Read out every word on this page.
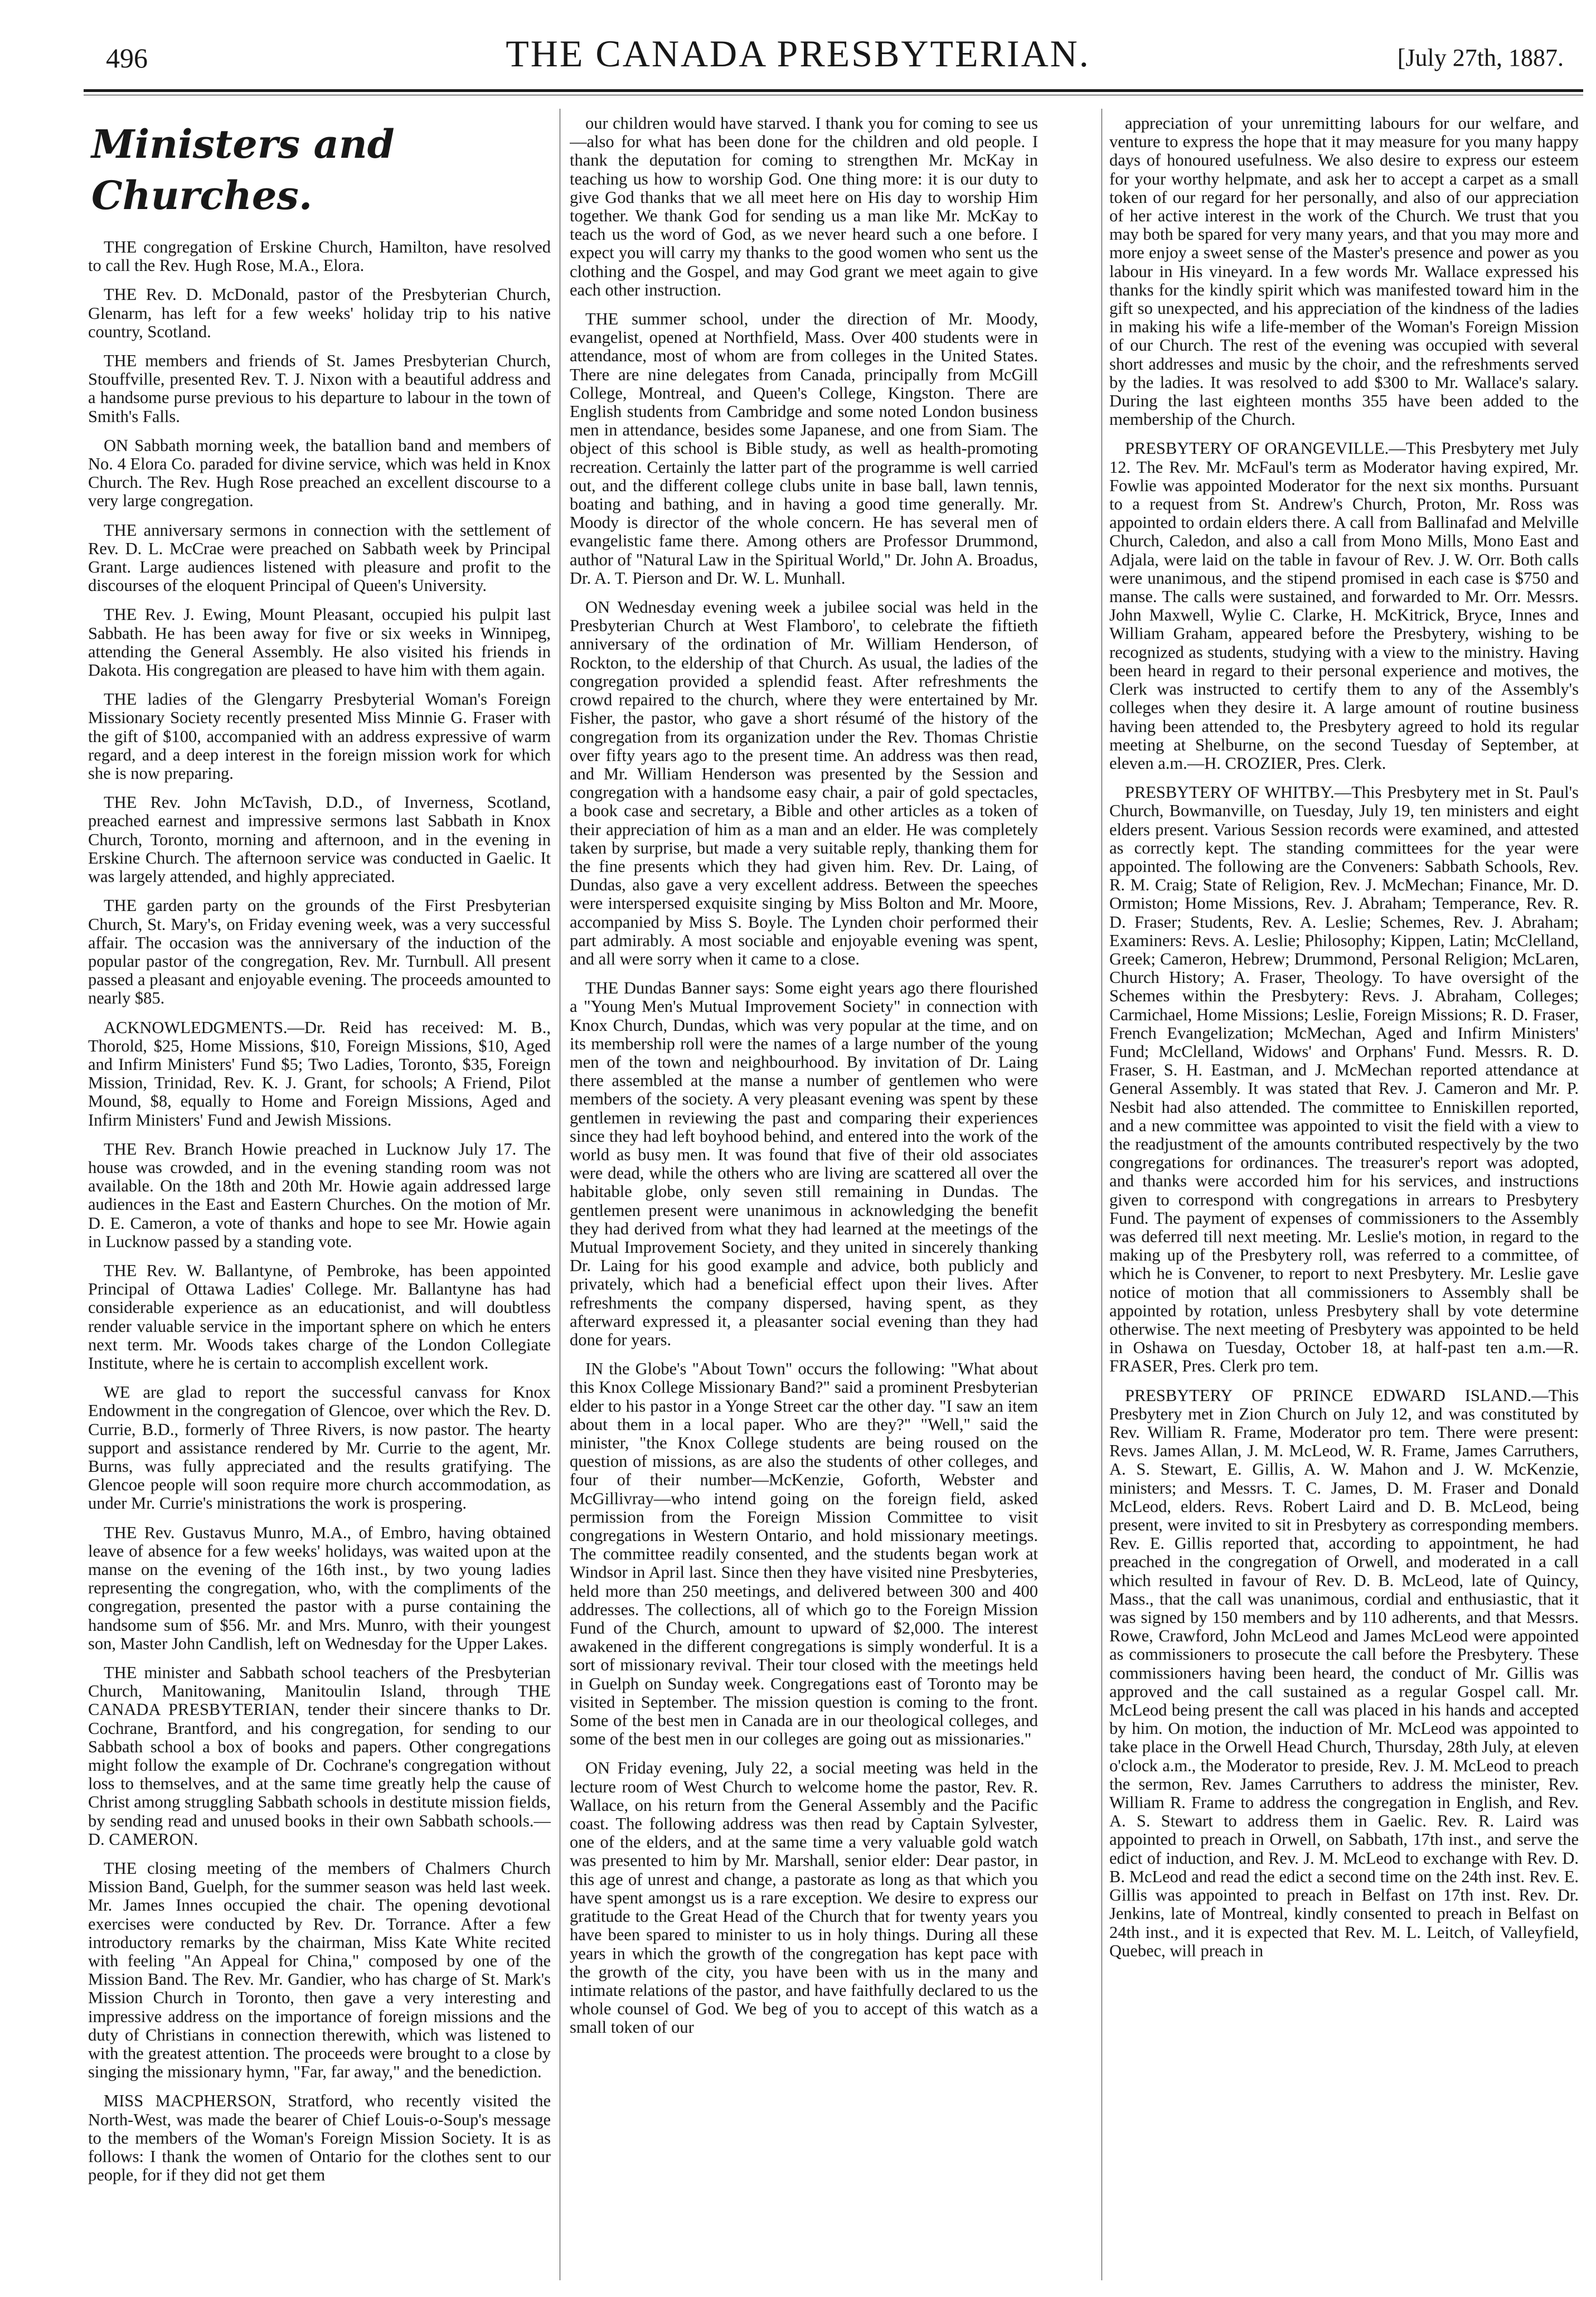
496	THE CANADA PRESBYTERIAN.	[July 27th, 1887.
Ministers and Churches.

THE congregation of Erskine Church, Hamilton, have resolved to call the Rev. Hugh Rose, M.A., Elora.

THE Rev. D. McDonald, pastor of the Presbyterian Church, Glenarm, has left for a few weeks' holiday trip to his native country, Scotland.

THE members and friends of St. James Presbyterian Church, Stouffville, presented Rev. T. J. Nixon with a beautiful address and a handsome purse previous to his departure to labour in the town of Smith's Falls.

ON Sabbath morning week, the batallion band and members of No. 4 Elora Co. paraded for divine service, which was held in Knox Church. The Rev. Hugh Rose preached an excellent discourse to a very large congregation.

THE anniversary sermons in connection with the settlement of Rev. D. L. McCrae were preached on Sabbath week by Principal Grant. Large audiences listened with pleasure and profit to the discourses of the eloquent Principal of Queen's University.

THE Rev. J. Ewing, Mount Pleasant, occupied his pulpit last Sabbath. He has been away for five or six weeks in Winnipeg, attending the General Assembly. He also visited his friends in Dakota. His congregation are pleased to have him with them again.

THE ladies of the Glengarry Presbyterial Woman's Foreign Missionary Society recently presented Miss Minnie G. Fraser with the gift of $100, accompanied with an address expressive of warm regard, and a deep interest in the foreign mission work for which she is now preparing.

THE Rev. John McTavish, D.D., of Inverness, Scotland, preached earnest and impressive sermons last Sabbath in Knox Church, Toronto, morning and afternoon, and in the evening in Erskine Church. The afternoon service was conducted in Gaelic. It was largely attended, and highly appreciated.

THE garden party on the grounds of the First Presbyterian Church, St. Mary's, on Friday evening week, was a very successful affair. The occasion was the anniversary of the induction of the popular pastor of the congregation, Rev. Mr. Turnbull. All present passed a pleasant and enjoyable evening. The proceeds amounted to nearly $85.

ACKNOWLEDGMENTS.—Dr. Reid has received: M. B., Thorold, $25, Home Missions, $10, Foreign Missions, $10, Aged and Infirm Ministers' Fund $5; Two Ladies, Toronto, $35, Foreign Mission, Trinidad, Rev. K. J. Grant, for schools; A Friend, Pilot Mound, $8, equally to Home and Foreign Missions, Aged and Infirm Ministers' Fund and Jewish Missions.

THE Rev. Branch Howie preached in Lucknow July 17. The house was crowded, and in the evening standing room was not available. On the 18th and 20th Mr. Howie again addressed large audiences in the East and Eastern Churches. On the motion of Mr. D. E. Cameron, a vote of thanks and hope to see Mr. Howie again in Lucknow passed by a standing vote.

THE Rev. W. Ballantyne, of Pembroke, has been appointed Principal of Ottawa Ladies' College. Mr. Ballantyne has had considerable experience as an educationist, and will doubtless render valuable service in the important sphere on which he enters next term. Mr. Woods takes charge of the London Collegiate Institute, where he is certain to accomplish excellent work.

WE are glad to report the successful canvass for Knox Endowment in the congregation of Glencoe, over which the Rev. D. Currie, B.D., formerly of Three Rivers, is now pastor. The hearty support and assistance rendered by Mr. Currie to the agent, Mr. Burns, was fully appreciated and the results gratifying. The Glencoe people will soon require more church accommodation, as under Mr. Currie's ministrations the work is prospering.

THE Rev. Gustavus Munro, M.A., of Embro, having obtained leave of absence for a few weeks' holidays, was waited upon at the manse on the evening of the 16th inst., by two young ladies representing the congregation, who, with the compliments of the congregation, presented the pastor with a purse containing the handsome sum of $56. Mr. and Mrs. Munro, with their youngest son, Master John Candlish, left on Wednesday for the Upper Lakes.

THE minister and Sabbath school teachers of the Presbyterian Church, Manitowaning, Manitoulin Island, through THE CANADA PRESBYTERIAN, tender their sincere thanks to Dr. Cochrane, Brantford, and his congregation, for sending to our Sabbath school a box of books and papers. Other congregations might follow the example of Dr. Cochrane's congregation without loss to themselves, and at the same time greatly help the cause of Christ among struggling Sabbath schools in destitute mission fields, by sending read and unused books in their own Sabbath schools.—D. CAMERON.

THE closing meeting of the members of Chalmers Church Mission Band, Guelph, for the summer season was held last week. Mr. James Innes occupied the chair. The opening devotional exercises were conducted by Rev. Dr. Torrance. After a few introductory remarks by the chairman, Miss Kate White recited with feeling "An Appeal for China," composed by one of the Mission Band. The Rev. Mr. Gandier, who has charge of St. Mark's Mission Church in Toronto, then gave a very interesting and impressive address on the importance of foreign missions and the duty of Christians in connection therewith, which was listened to with the greatest attention. The proceeds were brought to a close by singing the missionary hymn, "Far, far away," and the benediction.

MISS MACPHERSON, Stratford, who recently visited the North-West, was made the bearer of Chief Louis-o-Soup's message to the members of the Woman's Foreign Mission Society. It is as follows: I thank the women of Ontario for the clothes sent to our people, for if they did not get them

our children would have starved. I thank you for coming to see us—also for what has been done for the children and old people. I thank the deputation for coming to strengthen Mr. McKay in teaching us how to worship God. One thing more: it is our duty to give God thanks that we all meet here on His day to worship Him together. We thank God for sending us a man like Mr. McKay to teach us the word of God, as we never heard such a one before. I expect you will carry my thanks to the good women who sent us the clothing and the Gospel, and may God grant we meet again to give each other instruction.

THE summer school, under the direction of Mr. Moody, evangelist, opened at Northfield, Mass. Over 400 students were in attendance, most of whom are from colleges in the United States. There are nine delegates from Canada, principally from McGill College, Montreal, and Queen's College, Kingston. There are English students from Cambridge and some noted London business men in attendance, besides some Japanese, and one from Siam. The object of this school is Bible study, as well as health-promoting recreation. Certainly the latter part of the programme is well carried out, and the different college clubs unite in base ball, lawn tennis, boating and bathing, and in having a good time generally. Mr. Moody is director of the whole concern. He has several men of evangelistic fame there. Among others are Professor Drummond, author of "Natural Law in the Spiritual World," Dr. John A. Broadus, Dr. A. T. Pierson and Dr. W. L. Munhall.

ON Wednesday evening week a jubilee social was held in the Presbyterian Church at West Flamboro', to celebrate the fiftieth anniversary of the ordination of Mr. William Henderson, of Rockton, to the eldership of that Church. As usual, the ladies of the congregation provided a splendid feast. After refreshments the crowd repaired to the church, where they were entertained by Mr. Fisher, the pastor, who gave a short résumé of the history of the congregation from its organization under the Rev. Thomas Christie over fifty years ago to the present time. An address was then read, and Mr. William Henderson was presented by the Session and congregation with a handsome easy chair, a pair of gold spectacles, a book case and secretary, a Bible and other articles as a token of their appreciation of him as a man and an elder. He was completely taken by surprise, but made a very suitable reply, thanking them for the fine presents which they had given him. Rev. Dr. Laing, of Dundas, also gave a very excellent address. Between the speeches were interspersed exquisite singing by Miss Bolton and Mr. Moore, accompanied by Miss S. Boyle. The Lynden choir performed their part admirably. A most sociable and enjoyable evening was spent, and all were sorry when it came to a close.

THE Dundas Banner says: Some eight years ago there flourished a "Young Men's Mutual Improvement Society" in connection with Knox Church, Dundas, which was very popular at the time, and on its membership roll were the names of a large number of the young men of the town and neighbourhood. By invitation of Dr. Laing there assembled at the manse a number of gentlemen who were members of the society. A very pleasant evening was spent by these gentlemen in reviewing the past and comparing their experiences since they had left boyhood behind, and entered into the work of the world as busy men. It was found that five of their old associates were dead, while the others who are living are scattered all over the habitable globe, only seven still remaining in Dundas. The gentlemen present were unanimous in acknowledging the benefit they had derived from what they had learned at the meetings of the Mutual Improvement Society, and they united in sincerely thanking Dr. Laing for his good example and advice, both publicly and privately, which had a beneficial effect upon their lives. After refreshments the company dispersed, having spent, as they afterward expressed it, a pleasanter social evening than they had done for years.

IN the Globe's "About Town" occurs the following: "What about this Knox College Missionary Band?" said a prominent Presbyterian elder to his pastor in a Yonge Street car the other day. "I saw an item about them in a local paper. Who are they?" "Well," said the minister, "the Knox College students are being roused on the question of missions, as are also the students of other colleges, and four of their number—McKenzie, Goforth, Webster and McGillivray—who intend going on the foreign field, asked permission from the Foreign Mission Committee to visit congregations in Western Ontario, and hold missionary meetings. The committee readily consented, and the students began work at Windsor in April last. Since then they have visited nine Presbyteries, held more than 250 meetings, and delivered between 300 and 400 addresses. The collections, all of which go to the Foreign Mission Fund of the Church, amount to upward of $2,000. The interest awakened in the different congregations is simply wonderful. It is a sort of missionary revival. Their tour closed with the meetings held in Guelph on Sunday week. Congregations east of Toronto may be visited in September. The mission question is coming to the front. Some of the best men in Canada are in our theological colleges, and some of the best men in our colleges are going out as missionaries."

ON Friday evening, July 22, a social meeting was held in the lecture room of West Church to welcome home the pastor, Rev. R. Wallace, on his return from the General Assembly and the Pacific coast. The following address was then read by Captain Sylvester, one of the elders, and at the same time a very valuable gold watch was presented to him by Mr. Marshall, senior elder: Dear pastor, in this age of unrest and change, a pastorate as long as that which you have spent amongst us is a rare exception. We desire to express our gratitude to the Great Head of the Church that for twenty years you have been spared to minister to us in holy things. During all these years in which the growth of the congregation has kept pace with the growth of the city, you have been with us in the many and intimate relations of the pastor, and have faithfully declared to us the whole counsel of God. We beg of you to accept of this watch as a small token of our

appreciation of your unremitting labours for our welfare, and venture to express the hope that it may measure for you many happy days of honoured usefulness. We also desire to express our esteem for your worthy helpmate, and ask her to accept a carpet as a small token of our regard for her personally, and also of our appreciation of her active interest in the work of the Church. We trust that you may both be spared for very many years, and that you may more and more enjoy a sweet sense of the Master's presence and power as you labour in His vineyard. In a few words Mr. Wallace expressed his thanks for the kindly spirit which was manifested toward him in the gift so unexpected, and his appreciation of the kindness of the ladies in making his wife a life-member of the Woman's Foreign Mission of our Church. The rest of the evening was occupied with several short addresses and music by the choir, and the refreshments served by the ladies. It was resolved to add $300 to Mr. Wallace's salary. During the last eighteen months 355 have been added to the membership of the Church.

PRESBYTERY OF ORANGEVILLE.—This Presbytery met July 12. The Rev. Mr. McFaul's term as Moderator having expired, Mr. Fowlie was appointed Moderator for the next six months. Pursuant to a request from St. Andrew's Church, Proton, Mr. Ross was appointed to ordain elders there. A call from Ballinafad and Melville Church, Caledon, and also a call from Mono Mills, Mono East and Adjala, were laid on the table in favour of Rev. J. W. Orr. Both calls were unanimous, and the stipend promised in each case is $750 and manse. The calls were sustained, and forwarded to Mr. Orr. Messrs. John Maxwell, Wylie C. Clarke, H. McKitrick, Bryce, Innes and William Graham, appeared before the Presbytery, wishing to be recognized as students, studying with a view to the ministry. Having been heard in regard to their personal experience and motives, the Clerk was instructed to certify them to any of the Assembly's colleges when they desire it. A large amount of routine business having been attended to, the Presbytery agreed to hold its regular meeting at Shelburne, on the second Tuesday of September, at eleven a.m.—H. CROZIER, Pres. Clerk.

PRESBYTERY OF WHITBY.—This Presbytery met in St. Paul's Church, Bowmanville, on Tuesday, July 19, ten ministers and eight elders present. Various Session records were examined, and attested as correctly kept. The standing committees for the year were appointed. The following are the Conveners: Sabbath Schools, Rev. R. M. Craig; State of Religion, Rev. J. McMechan; Finance, Mr. D. Ormiston; Home Missions, Rev. J. Abraham; Temperance, Rev. R. D. Fraser; Students, Rev. A. Leslie; Schemes, Rev. J. Abraham; Examiners: Revs. A. Leslie; Philosophy; Kippen, Latin; McClelland, Greek; Cameron, Hebrew; Drummond, Personal Religion; McLaren, Church History; A. Fraser, Theology. To have oversight of the Schemes within the Presbytery: Revs. J. Abraham, Colleges; Carmichael, Home Missions; Leslie, Foreign Missions; R. D. Fraser, French Evangelization; McMechan, Aged and Infirm Ministers' Fund; McClelland, Widows' and Orphans' Fund. Messrs. R. D. Fraser, S. H. Eastman, and J. McMechan reported attendance at General Assembly. It was stated that Rev. J. Cameron and Mr. P. Nesbit had also attended. The committee to Enniskillen reported, and a new committee was appointed to visit the field with a view to the readjustment of the amounts contributed respectively by the two congregations for ordinances. The treasurer's report was adopted, and thanks were accorded him for his services, and instructions given to correspond with congregations in arrears to Presbytery Fund. The payment of expenses of commissioners to the Assembly was deferred till next meeting. Mr. Leslie's motion, in regard to the making up of the Presbytery roll, was referred to a committee, of which he is Convener, to report to next Presbytery. Mr. Leslie gave notice of motion that all commissioners to Assembly shall be appointed by rotation, unless Presbytery shall by vote determine otherwise. The next meeting of Presbytery was appointed to be held in Oshawa on Tuesday, October 18, at half-past ten a.m.—R. FRASER, Pres. Clerk pro tem.

PRESBYTERY OF PRINCE EDWARD ISLAND.—This Presbytery met in Zion Church on July 12, and was constituted by Rev. William R. Frame, Moderator pro tem. There were present: Revs. James Allan, J. M. McLeod, W. R. Frame, James Carruthers, A. S. Stewart, E. Gillis, A. W. Mahon and J. W. McKenzie, ministers; and Messrs. T. C. James, D. M. Fraser and Donald McLeod, elders. Revs. Robert Laird and D. B. McLeod, being present, were invited to sit in Presbytery as corresponding members. Rev. E. Gillis reported that, according to appointment, he had preached in the congregation of Orwell, and moderated in a call which resulted in favour of Rev. D. B. McLeod, late of Quincy, Mass., that the call was unanimous, cordial and enthusiastic, that it was signed by 150 members and by 110 adherents, and that Messrs. Rowe, Crawford, John McLeod and James McLeod were appointed as commissioners to prosecute the call before the Presbytery. These commissioners having been heard, the conduct of Mr. Gillis was approved and the call sustained as a regular Gospel call. Mr. McLeod being present the call was placed in his hands and accepted by him. On motion, the induction of Mr. McLeod was appointed to take place in the Orwell Head Church, Thursday, 28th July, at eleven o'clock a.m., the Moderator to preside, Rev. J. M. McLeod to preach the sermon, Rev. James Carruthers to address the minister, Rev. William R. Frame to address the congregation in English, and Rev. A. S. Stewart to address them in Gaelic. Rev. R. Laird was appointed to preach in Orwell, on Sabbath, 17th inst., and serve the edict of induction, and Rev. J. M. McLeod to exchange with Rev. D. B. McLeod and read the edict a second time on the 24th inst. Rev. E. Gillis was appointed to preach in Belfast on 17th inst. Rev. Dr. Jenkins, late of Montreal, kindly consented to preach in Belfast on 24th inst., and it is expected that Rev. M. L. Leitch, of Valleyfield, Quebec, will preach in
